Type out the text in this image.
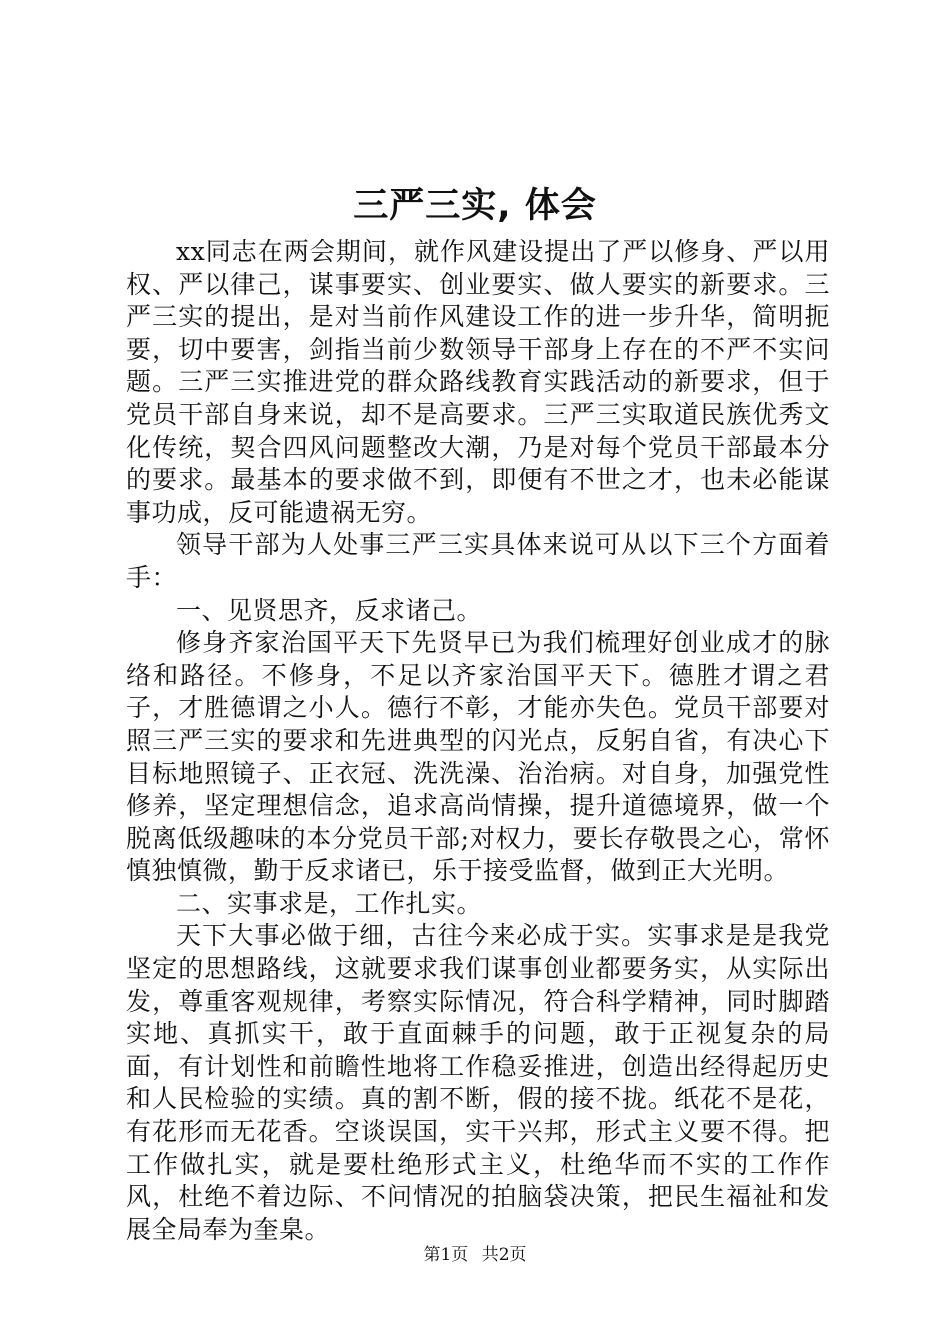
三严三实, 体会

xx同志在两会期间，就作风建设提出了严以修身、严以用权、严以律己，谋事要实、创业要实、做人要实的新要求。三严三实的提出，是对当前作风建设工作的进一步升华，简明扼要，切中要害，剑指当前少数领导干部身上存在的不严不实问题。三严三实推进党的群众路线教育实践活动的新要求，但于党员干部自身来说，却不是高要求。三严三实取道民族优秀文化传统，契合四风问题整改大潮，乃是对每个党员干部最本分的要求。最基本的要求做不到，即便有不世之才，也未必能谋事功成，反可能遗祸无穷。

领导干部为人处事三严三实具体来说可从以下三个方面着手：

一、见贤思齐，反求诸己。

修身齐家治国平天下先贤早已为我们梳理好创业成才的脉络和路径。不修身，不足以齐家治国平天下。德胜才谓之君子，才胜德谓之小人。德行不彰，才能亦失色。党员干部要对照三严三实的要求和先进典型的闪光点，反躬自省，有决心下目标地照镜子、正衣冠、洗洗澡、治治病。对自身，加强党性修养，坚定理想信念，追求高尚情操，提升道德境界，做一个脱离低级趣味的本分党员干部;对权力，要长存敬畏之心，常怀慎独慎微，勤于反求诸已，乐于接受监督，做到正大光明。

二、实事求是，工作扎实。

天下大事必做于细，古往今来必成于实。实事求是是我党坚定的思想路线，这就要求我们谋事创业都要务实，从实际出发，尊重客观规律，考察实际情况，符合科学精神，同时脚踏实地、真抓实干，敢于直面棘手的问题，敢于正视复杂的局面，有计划性和前瞻性地将工作稳妥推进，创造出经得起历史和人民检验的实绩。真的割不断，假的接不拢。纸花不是花，有花形而无花香。空谈误国，实干兴邦，形式主义要不得。把工作做扎实，就是要杜绝形式主义，杜绝华而不实的工作作风，杜绝不着边际、不问情况的拍脑袋决策，把民生福祉和发展全局奉为奎臬。

第1页 共2页
